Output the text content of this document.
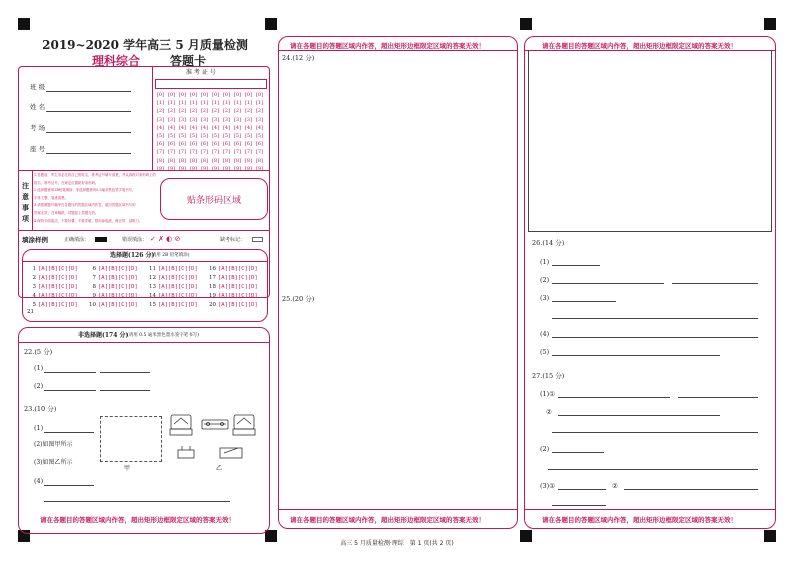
2019~2020 学年高三 5 月质量检测
理科综合 答题卡
班 级
姓 名
考 场
座 号
准 考 证 号
[0] [0] [0] [0] [0] [0] [0] [0] [0] [0]
[1] [1] [1] [1] [1] [1] [1] [1] [1] [1]
[2] [2] [2] [2] [2] [2] [2] [2] [2] [2]
[3] [3] [3] [3] [3] [3] [3] [3] [3] [3]
[4] [4] [4] [4] [4] [4] [4] [4] [4] [4]
[5] [5] [5] [5] [5] [5] [5] [5] [5] [5]
[6] [6] [6] [6] [6] [6] [6] [6] [6] [6]
[7] [7] [7] [7] [7] [7] [7] [7] [7] [7]
[8] [8] [8] [8] [8] [8] [8] [8] [8] [8]
[9] [9] [9] [9] [9] [9] [9] [9] [9] [9]
注
意
事
项
1.答题前，考生务必先将自己的姓名、准考证号填写清楚，并认真核对条形码上的
姓名、准考证号，在规定位置贴好条形码。
2.选择题使用2B铅笔填涂；非选择题使用0.5毫米黑色签字笔书写，
字体工整、笔迹清楚。
3.请按照题号顺序在各题目的答题区域内作答，超出答题区域书写的
答案无效；在草稿纸、试题卷上答题无效。
4.保持卡面清洁，不要折叠、不要弄破，禁用涂改液、修正带、刮纸刀。
贴条形码区域
填涂样例	正确填涂：	错误填涂： ✓ ✗ ◐ ⊘	缺考标记：
选择题(126 分)
(请用 2B 铅笔填涂)
1 [A][B][C][D]
2 [A][B][C][D]
3 [A][B][C][D]
4 [A][B][C][D]
5 [A][B][C][D]
6 [A][B][C][D]
7 [A][B][C][D]
8 [A][B][C][D]
9 [A][B][C][D]
10 [A][B][C][D]
11 [A][B][C][D]
12 [A][B][C][D]
13 [A][B][C][D]
14 [A][B][C][D]
15 [A][B][C][D]
16 [A][B][C][D]
17 [A][B][C][D]
18 [A][B][C][D]
19 [A][B][C][D]
20 [A][B][C][D]
21
非选择题(174 分)
(请用 0.5 毫米黑色墨水签字笔书写)
22.(5 分)
(1)
(2)
23.(10 分)
(1)
(2)如图甲所示
(3)如图乙所示
(4)
甲	乙
请在各题目的答题区域内作答，超出矩形边框限定区域的答案无效！
请在各题目的答题区域内作答，超出矩形边框限定区域的答案无效！
24.(12 分)
25.(20 分)
请在各题目的答题区域内作答，超出矩形边框限定区域的答案无效！
请在各题目的答题区域内作答，超出矩形边框限定区域的答案无效！
26.(14 分)
(1)
(2)
(3)
(4)
(5)
27.(15 分)
(1)①
②
(2)
(3)①	②
请在各题目的答题区域内作答，超出矩形边框限定区域的答案无效！
高三 5 月质量检测·理综　第 1 页(共 2 页)
